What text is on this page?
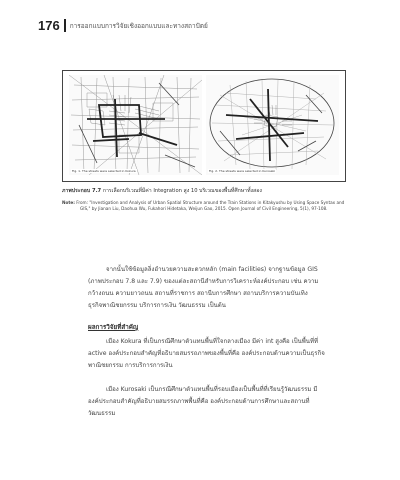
176 การออกแบบการวิจัยเชิงออกแบบและทางสถาปัตย์
Fig. 1. The streets were selected in Kokura	Fig. 2. The streets were selected in Kurosaki
ภาพประกอบ 7.7 การเลือกบริเวณที่มีค่า Integration สูง 10 บริเวณของพื้นที่ศึกษาทั้งสอง
Note: From: "Investigation and Analysis of Urban Spatial Structure around the Train Stations in Kitakyushu by Using Space Syntax and
GIS," by Jianan Liu, Daohua Wu, Fukahori Hidetaka, Weijun Gao, 2015. Open Journal of Civil Engineering, 5(1), 97-108.
จากนั้นใช้ข้อมูลลิ่งอำนวยความสะดวกหลัก (main facilities) จากฐานข้อมูล GIS
(ภาพประกอบ 7.8 และ 7.9) ของแต่ละสถานีสำหรับการวิเคราะห์องค์ประกอบ เช่น ความ
กว้างถนน ความยาวถนน สถานที่ราชการ สถานีบการศึกษา สถานบริการความบันเทิง
ธุรกิจพาณิชยกรรม บริการการเงิน วัฒนธรรม เป็นต้น
ผลการวิจัยที่สำคัญ
เมือง Kokura ที่เป็นกรณีศึกษาตัวแทนพื้นที่ใจกลางเมือง มีค่า int สูงคือ เป็นพื้นที่ที่
active องค์ประกอบสำคัญที่อธิบายสมรรถภาพของพื้นที่คือ องค์ประกอบด้านความเป็นธุรกิจ
พาณิชยกรรม การบริการการเงิน
เมือง Kurosaki เป็นกรณีศึกษาตัวแทนพื้นที่รอบเมืองเป็นพื้นที่ที่เรียนรู้วัฒนธรรม มี
องค์ประกอบสำคัญที่อธิบายสมรรถภาพพื้นที่คือ องค์ประกอบด้านการศึกษาและสถานที่
วัฒนธรรม
